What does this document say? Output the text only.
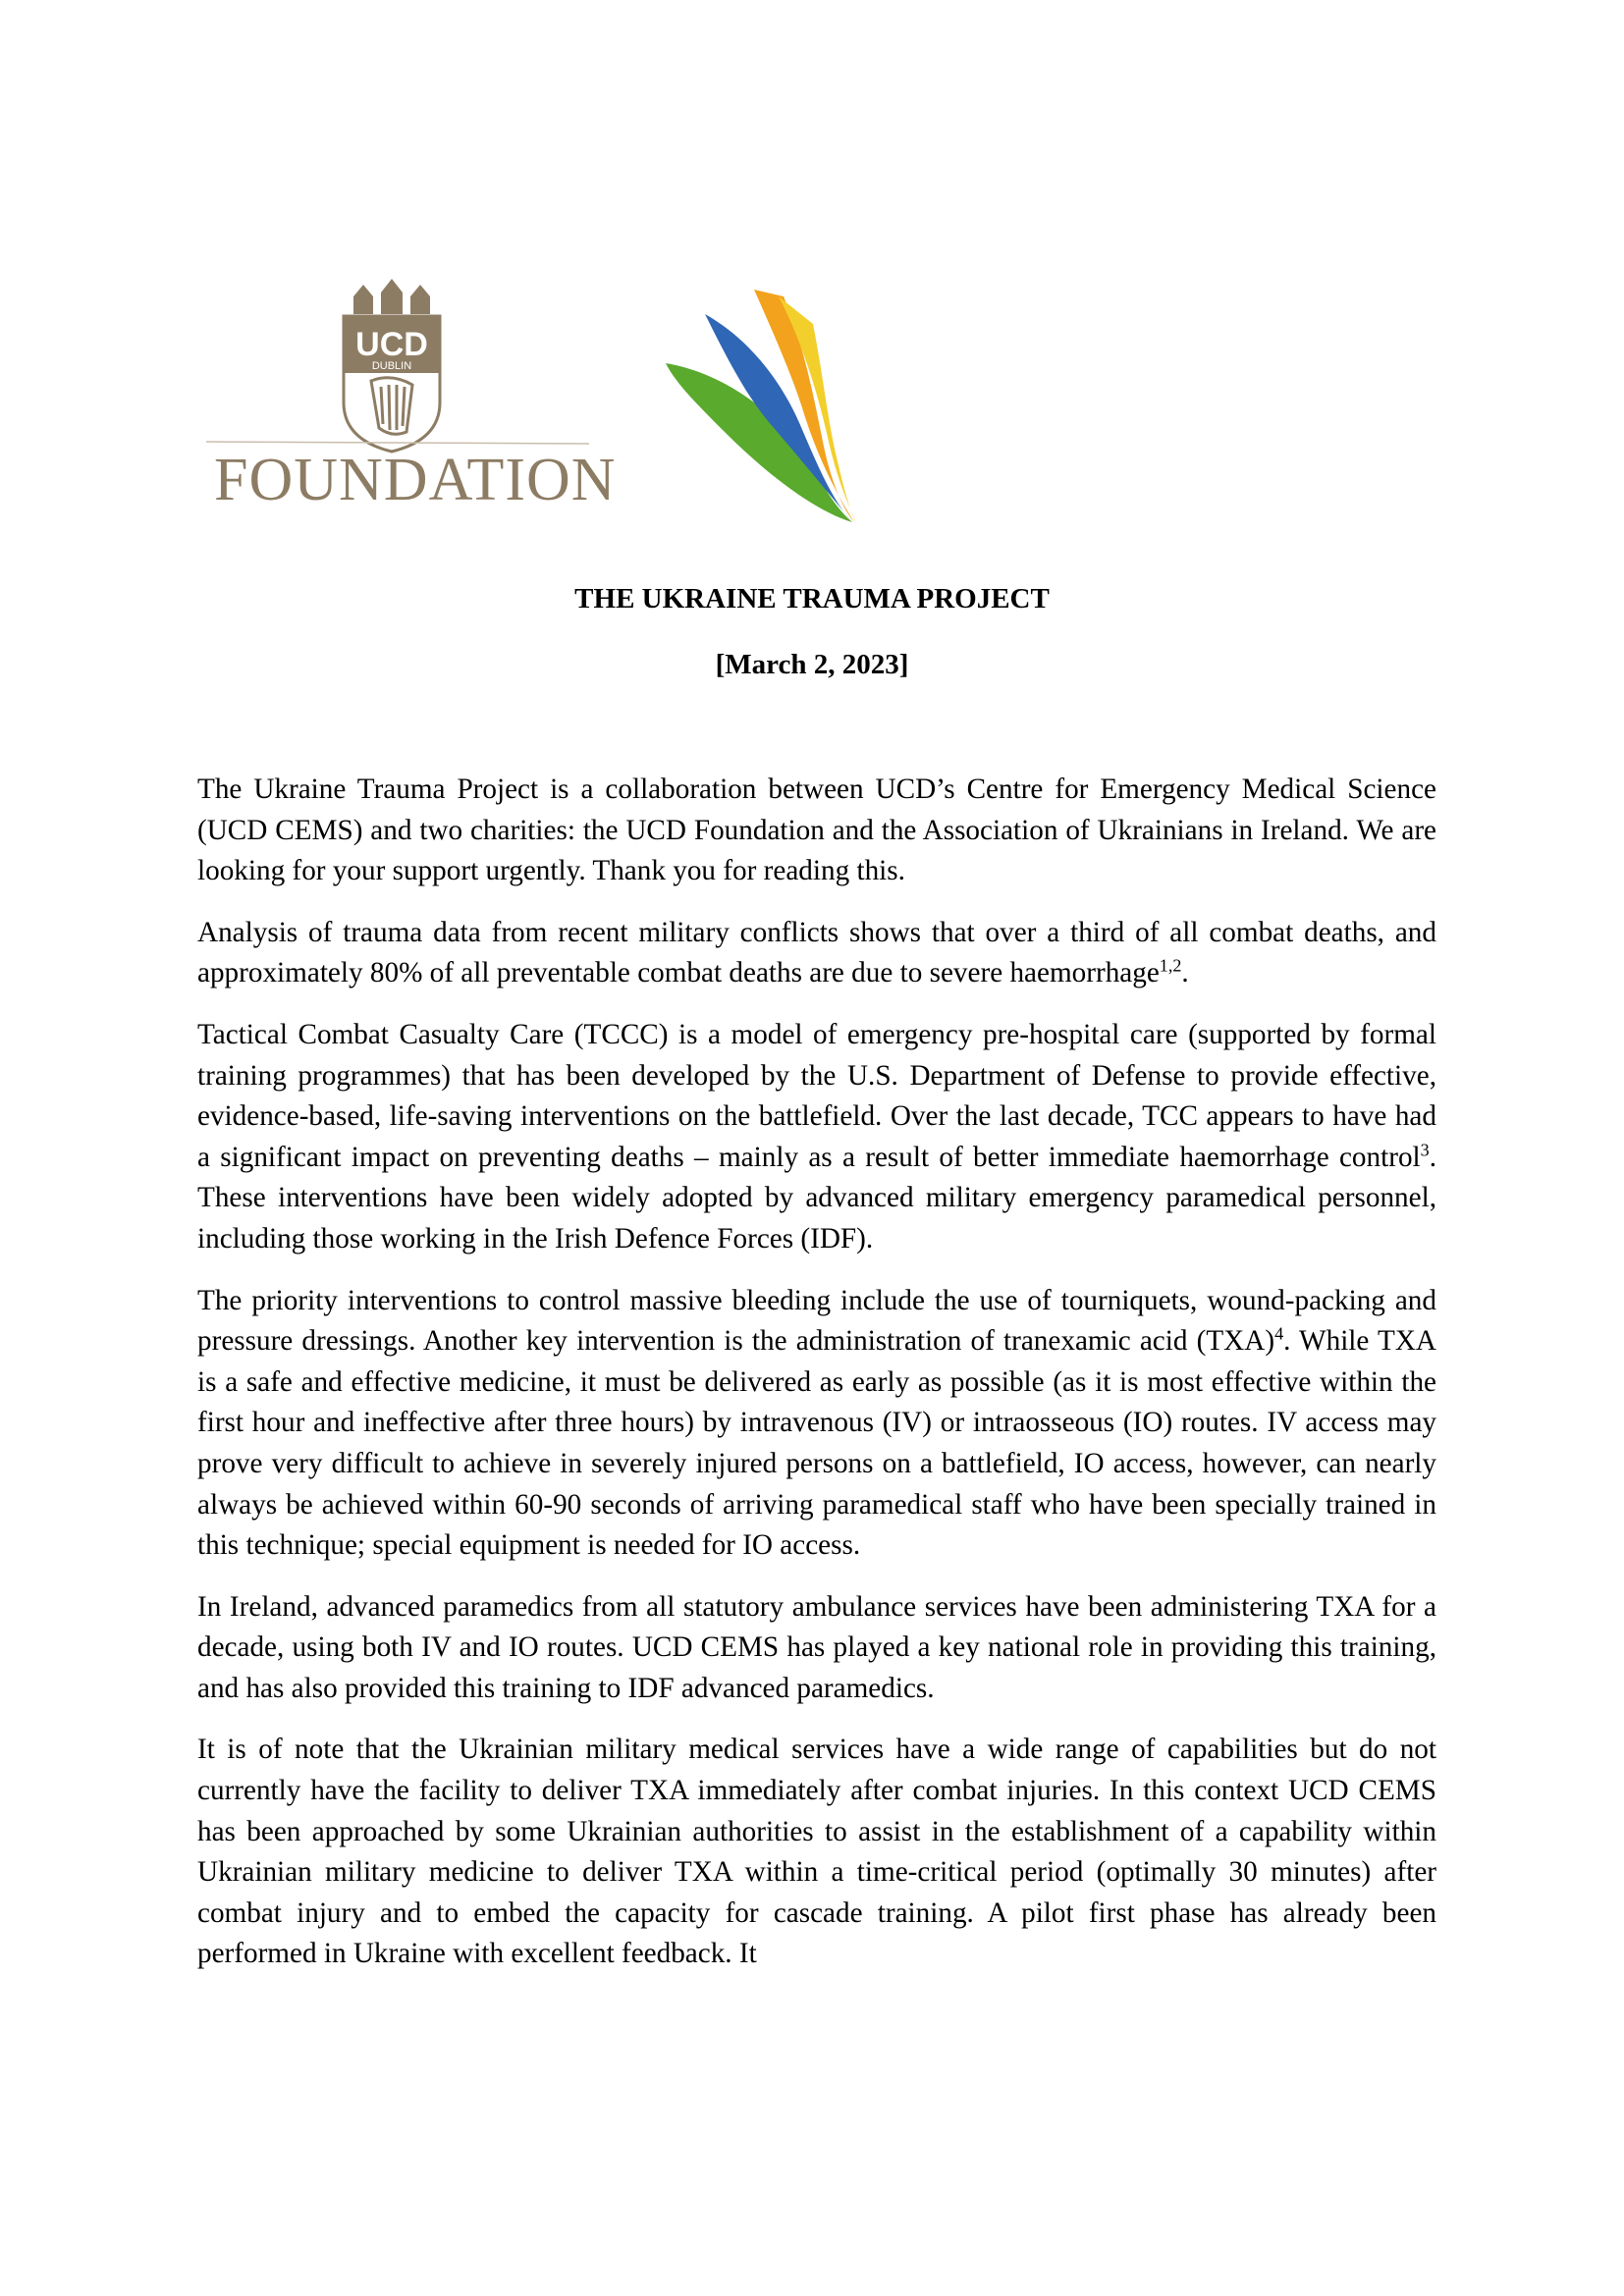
UCD
DUBLIN
FOUNDATION
THE UKRAINE TRAUMA PROJECT
[March 2, 2023]

The Ukraine Trauma Project is a collaboration between UCD’s Centre for Emergency Medical Science (UCD CEMS) and two charities: the UCD Foundation and the Association of Ukrainians in Ireland. We are looking for your support urgently. Thank you for reading this.

Analysis of trauma data from recent military conflicts shows that over a third of all combat deaths, and approximately 80% of all preventable combat deaths are due to severe haemorrhage$^{1,2}$.

Tactical Combat Casualty Care (TCCC) is a model of emergency pre-hospital care (supported by formal training programmes) that has been developed by the U.S. Department of Defense to provide effective, evidence-based, life-saving interventions on the battlefield. Over the last decade, TCC appears to have had a significant impact on preventing deaths – mainly as a result of better immediate haemorrhage control$^3$. These interventions have been widely adopted by advanced military emergency paramedical personnel, including those working in the Irish Defence Forces (IDF).

The priority interventions to control massive bleeding include the use of tourniquets, wound-packing and pressure dressings. Another key intervention is the administration of tranexamic acid (TXA)$^4$. While TXA is a safe and effective medicine, it must be delivered as early as possible (as it is most effective within the first hour and ineffective after three hours) by intravenous (IV) or intraosseous (IO) routes. IV access may prove very difficult to achieve in severely injured persons on a battlefield, IO access, however, can nearly always be achieved within 60-90 seconds of arriving paramedical staff who have been specially trained in this technique; special equipment is needed for IO access.

In Ireland, advanced paramedics from all statutory ambulance services have been administering TXA for a decade, using both IV and IO routes. UCD CEMS has played a key national role in providing this training, and has also provided this training to IDF advanced paramedics.

It is of note that the Ukrainian military medical services have a wide range of capabilities but do not currently have the facility to deliver TXA immediately after combat injuries. In this context UCD CEMS has been approached by some Ukrainian authorities to assist in the establishment of a capability within Ukrainian military medicine to deliver TXA within a time-critical period (optimally 30 minutes) after combat injury and to embed the capacity for cascade training. A pilot first phase has already been performed in Ukraine with excellent feedback. It
